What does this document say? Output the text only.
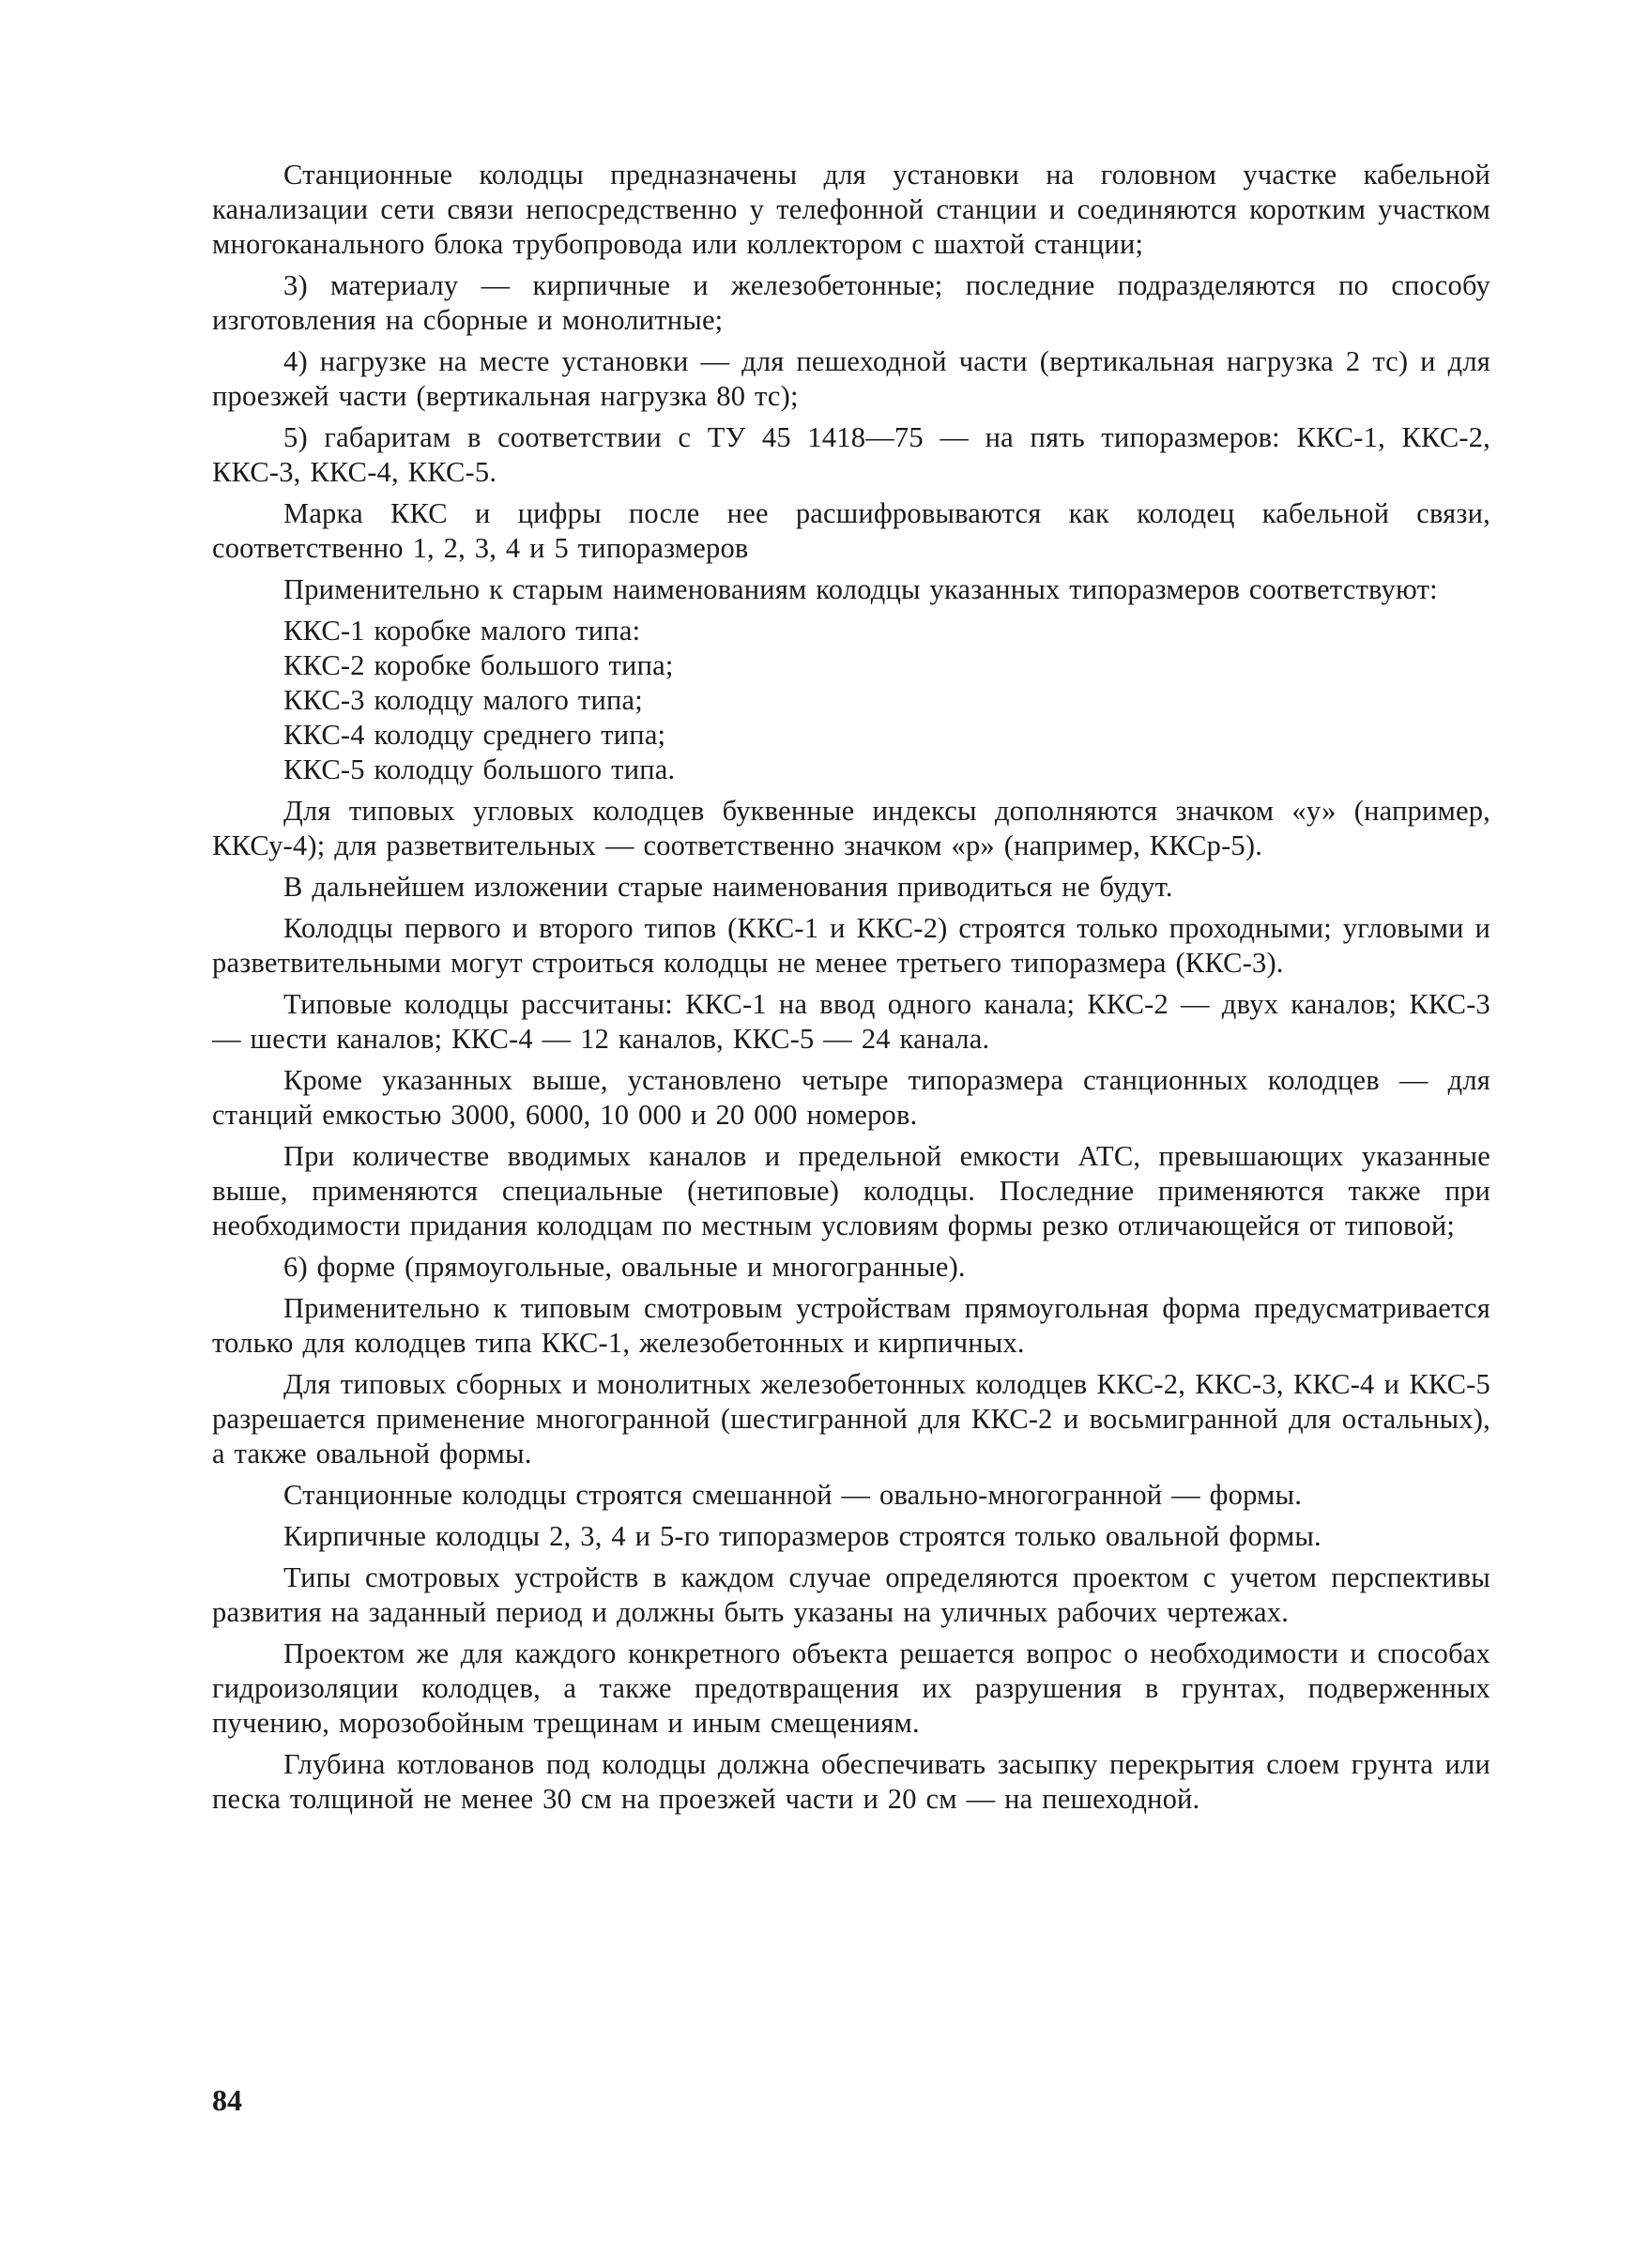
Станционные колодцы предназначены для установки на головном участке кабельной канализации сети связи непосредственно у телефонной станции и соединяются коротким участком многоканального блока трубопровода или коллектором с шахтой станции;

3) материалу — кирпичные и железобетонные; последние подразделяются по способу изготовления на сборные и монолитные;

4) нагрузке на месте установки — для пешеходной части (вертикальная нагрузка 2 тс) и для проезжей части (вертикальная нагрузка 80 тс);

5) габаритам в соответствии с ТУ 45 1418—75 — на пять типоразмеров: ККС-1, ККС-2, ККС-3, ККС-4, ККС-5.

Марка ККС и цифры после нее расшифровываются как колодец кабельной связи, соответственно 1, 2, 3, 4 и 5 типоразмеров

Применительно к старым наименованиям колодцы указанных типоразмеров соответствуют:

ККС-1 коробке малого типа:

ККС-2 коробке большого типа;

ККС-3 колодцу малого типа;

ККС-4 колодцу среднего типа;

ККС-5 колодцу большого типа.

Для типовых угловых колодцев буквенные индексы дополняются значком «у» (например, ККСу-4); для разветвительных — соответственно значком «р» (например, ККСр-5).

В дальнейшем изложении старые наименования приводиться не будут.

Колодцы первого и второго типов (ККС-1 и ККС-2) строятся только проходными; угловыми и разветвительными могут строиться колодцы не менее третьего типоразмера (ККС-3).

Типовые колодцы рассчитаны: ККС-1 на ввод одного канала; ККС-2 — двух каналов; ККС-3 — шести каналов; ККС-4 — 12 каналов, ККС-5 — 24 канала.

Кроме указанных выше, установлено четыре типоразмера станционных колодцев — для станций емкостью 3000, 6000, 10 000 и 20 000 номеров.

При количестве вводимых каналов и предельной емкости АТС, превышающих указанные выше, применяются специальные (нетиповые) колодцы. Последние применяются также при необходимости придания колодцам по местным условиям формы резко отличающейся от типовой;

6) форме (прямоугольные, овальные и многогранные).

Применительно к типовым смотровым устройствам прямоугольная форма предусматривается только для колодцев типа ККС-1, железобетонных и кирпичных.

Для типовых сборных и монолитных железобетонных колодцев ККС-2, ККС-3, ККС-4 и ККС-5 разрешается применение многогранной (шестигранной для ККС-2 и восьмигранной для остальных), а также овальной формы.

Станционные колодцы строятся смешанной — овально-многогранной — формы.

Кирпичные колодцы 2, 3, 4 и 5-го типоразмеров строятся только овальной формы.

Типы смотровых устройств в каждом случае определяются проектом с учетом перспективы развития на заданный период и должны быть указаны на уличных рабочих чертежах.

Проектом же для каждого конкретного объекта решается вопрос о необходимости и способах гидроизоляции колодцев, а также предотвращения их разрушения в грунтах, подверженных пучению, морозобойным трещинам и иным смещениям.

Глубина котлованов под колодцы должна обеспечивать засыпку перекрытия слоем грунта или песка толщиной не менее 30 см на проезжей части и 20 см — на пешеходной.

84
